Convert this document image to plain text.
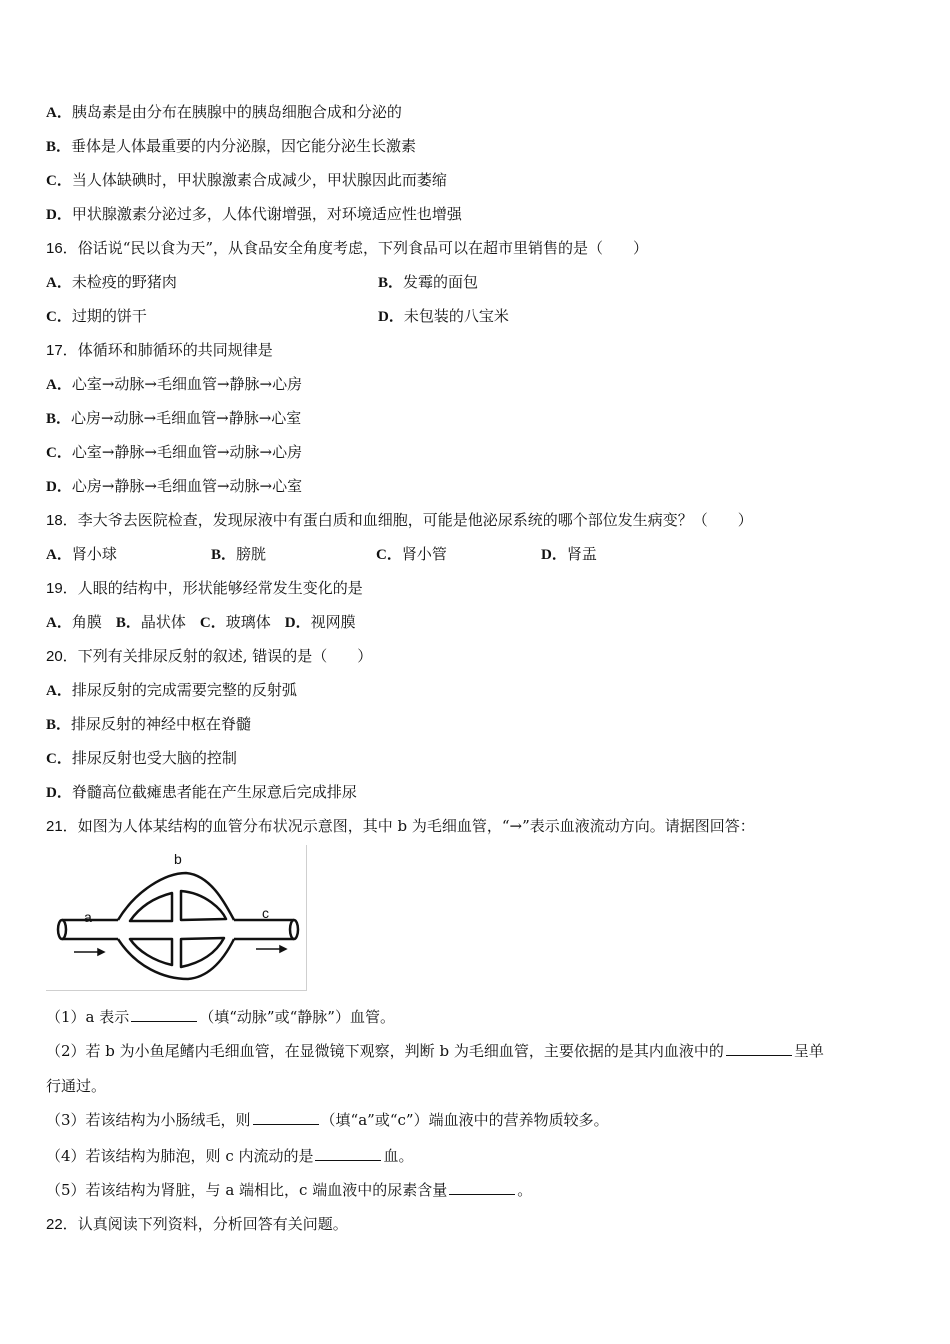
A．胰岛素是由分布在胰腺中的胰岛细胞合成和分泌的
B．垂体是人体最重要的内分泌腺，因它能分泌生长激素
C．当人体缺碘时，甲状腺激素合成减少，甲状腺因此而萎缩
D．甲状腺激素分泌过多，人体代谢增强，对环境适应性也增强
16．俗话说“民以食为天”，从食品安全角度考虑，下列食品可以在超市里销售的是（　　）
A．未检疫的野猪肉	B．发霉的面包
C．过期的饼干	D．未包装的八宝米
17．体循环和肺循环的共同规律是
A．心室→动脉→毛细血管→静脉→心房
B．心房→动脉→毛细血管→静脉→心室
C．心室→静脉→毛细血管→动脉→心房
D．心房→静脉→毛细血管→动脉→心室
18．李大爷去医院检查，发现尿液中有蛋白质和血细胞，可能是他泌尿系统的哪个部位发生病变？（　　）
A．肾小球	B．膀胱	C．肾小管	D．肾盂
19．人眼的结构中，形状能够经常发生变化的是
A．角膜 B．晶状体 C．玻璃体 D．视网膜
20．下列有关排尿反射的叙述, 错误的是（　　）
A．排尿反射的完成需要完整的反射弧
B．排尿反射的神经中枢在脊髓
C．排尿反射也受大脑的控制
D．脊髓高位截瘫患者能在产生尿意后完成排尿
21．如图为人体某结构的血管分布状况示意图，其中 b 为毛细血管，“→”表示血液流动方向。请据图回答：
a
b
c
（1）a 表示	（填“动脉”或“静脉”）血管。
（2）若 b 为小鱼尾鳍内毛细血管，在显微镜下观察，判断 b 为毛细血管，主要依据的是其内血液中的	呈单
行通过。
（3）若该结构为小肠绒毛，则	（填“a”或“c”）端血液中的营养物质较多。
（4）若该结构为肺泡，则 c 内流动的是	血。
（5）若该结构为肾脏，与 a 端相比，c 端血液中的尿素含量	。
22．认真阅读下列资料，分析回答有关问题。
